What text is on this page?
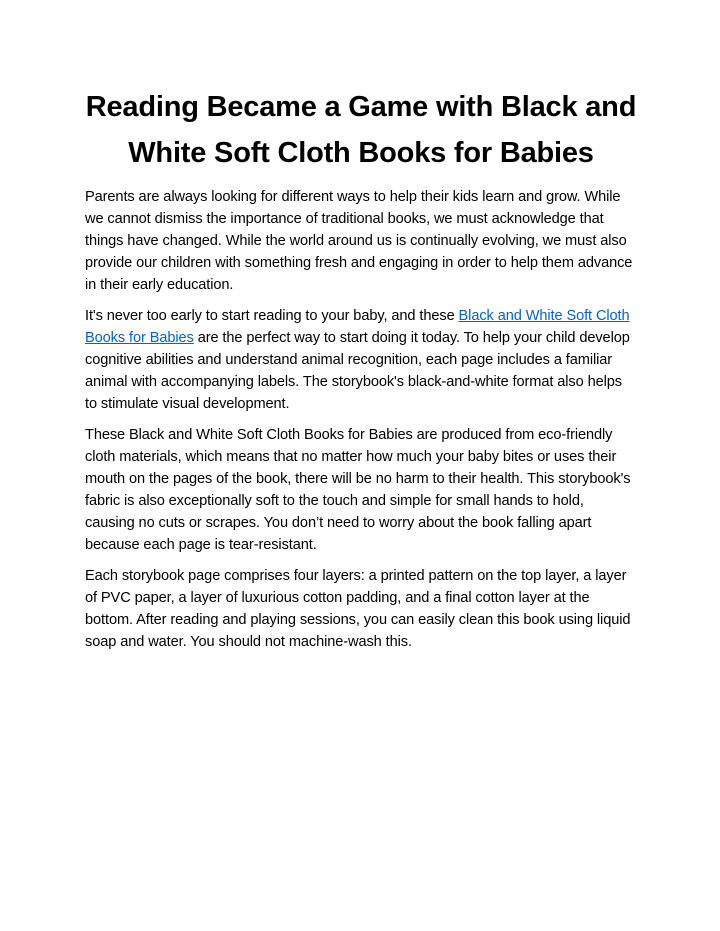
Reading Became a Game with Black and White Soft Cloth Books for Babies

Parents are always looking for different ways to help their kids learn and grow. While we cannot dismiss the importance of traditional books, we must acknowledge that things have changed. While the world around us is continually evolving, we must also provide our children with something fresh and engaging in order to help them advance in their early education.

It's never too early to start reading to your baby, and these Black and White Soft Cloth Books for Babies are the perfect way to start doing it today. To help your child develop cognitive abilities and understand animal recognition, each page includes a familiar animal with accompanying labels. The storybook's black-and-white format also helps to stimulate visual development.

These Black and White Soft Cloth Books for Babies are produced from eco-friendly cloth materials, which means that no matter how much your baby bites or uses their mouth on the pages of the book, there will be no harm to their health. This storybook's fabric is also exceptionally soft to the touch and simple for small hands to hold, causing no cuts or scrapes. You don’t need to worry about the book falling apart because each page is tear-resistant.

Each storybook page comprises four layers: a printed pattern on the top layer, a layer of PVC paper, a layer of luxurious cotton padding, and a final cotton layer at the bottom. After reading and playing sessions, you can easily clean this book using liquid soap and water. You should not machine-wash this.
